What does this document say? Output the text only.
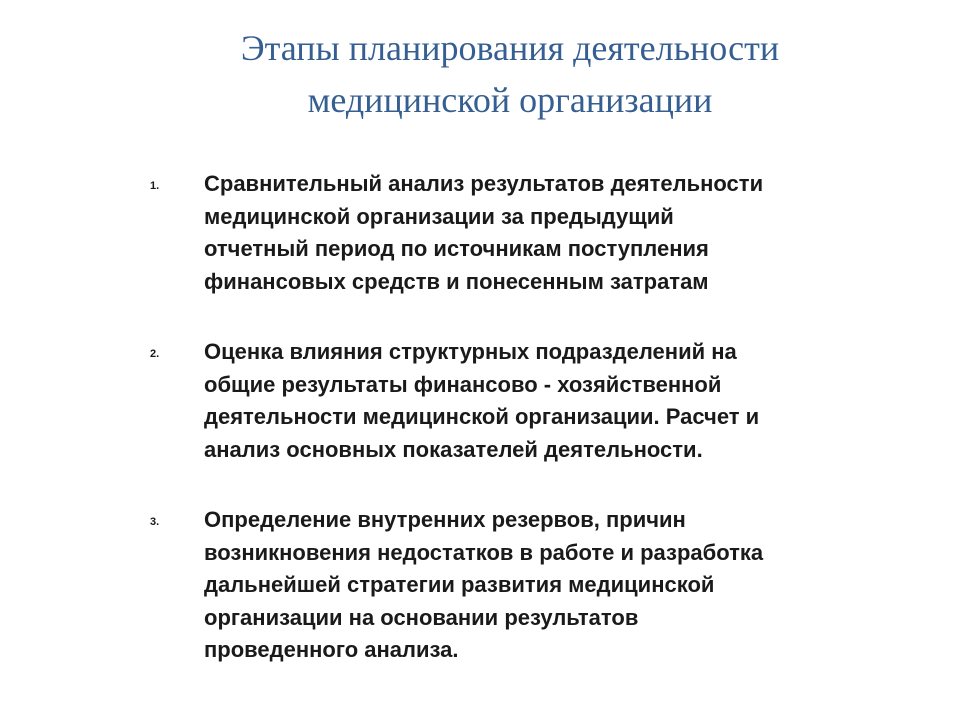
Этапы планирования деятельности
медицинской организации
1. Сравнительный анализ результатов деятельности
медицинской организации за предыдущий
отчетный период по источникам поступления
финансовых средств и понесенным затратам
2. Оценка влияния структурных подразделений на
общие результаты финансово - хозяйственной
деятельности медицинской организации. Расчет и
анализ основных показателей деятельности.
3. Определение внутренних резервов, причин
возникновения недостатков в работе и разработка
дальнейшей стратегии развития медицинской
организации на основании результатов
проведенного анализа.
